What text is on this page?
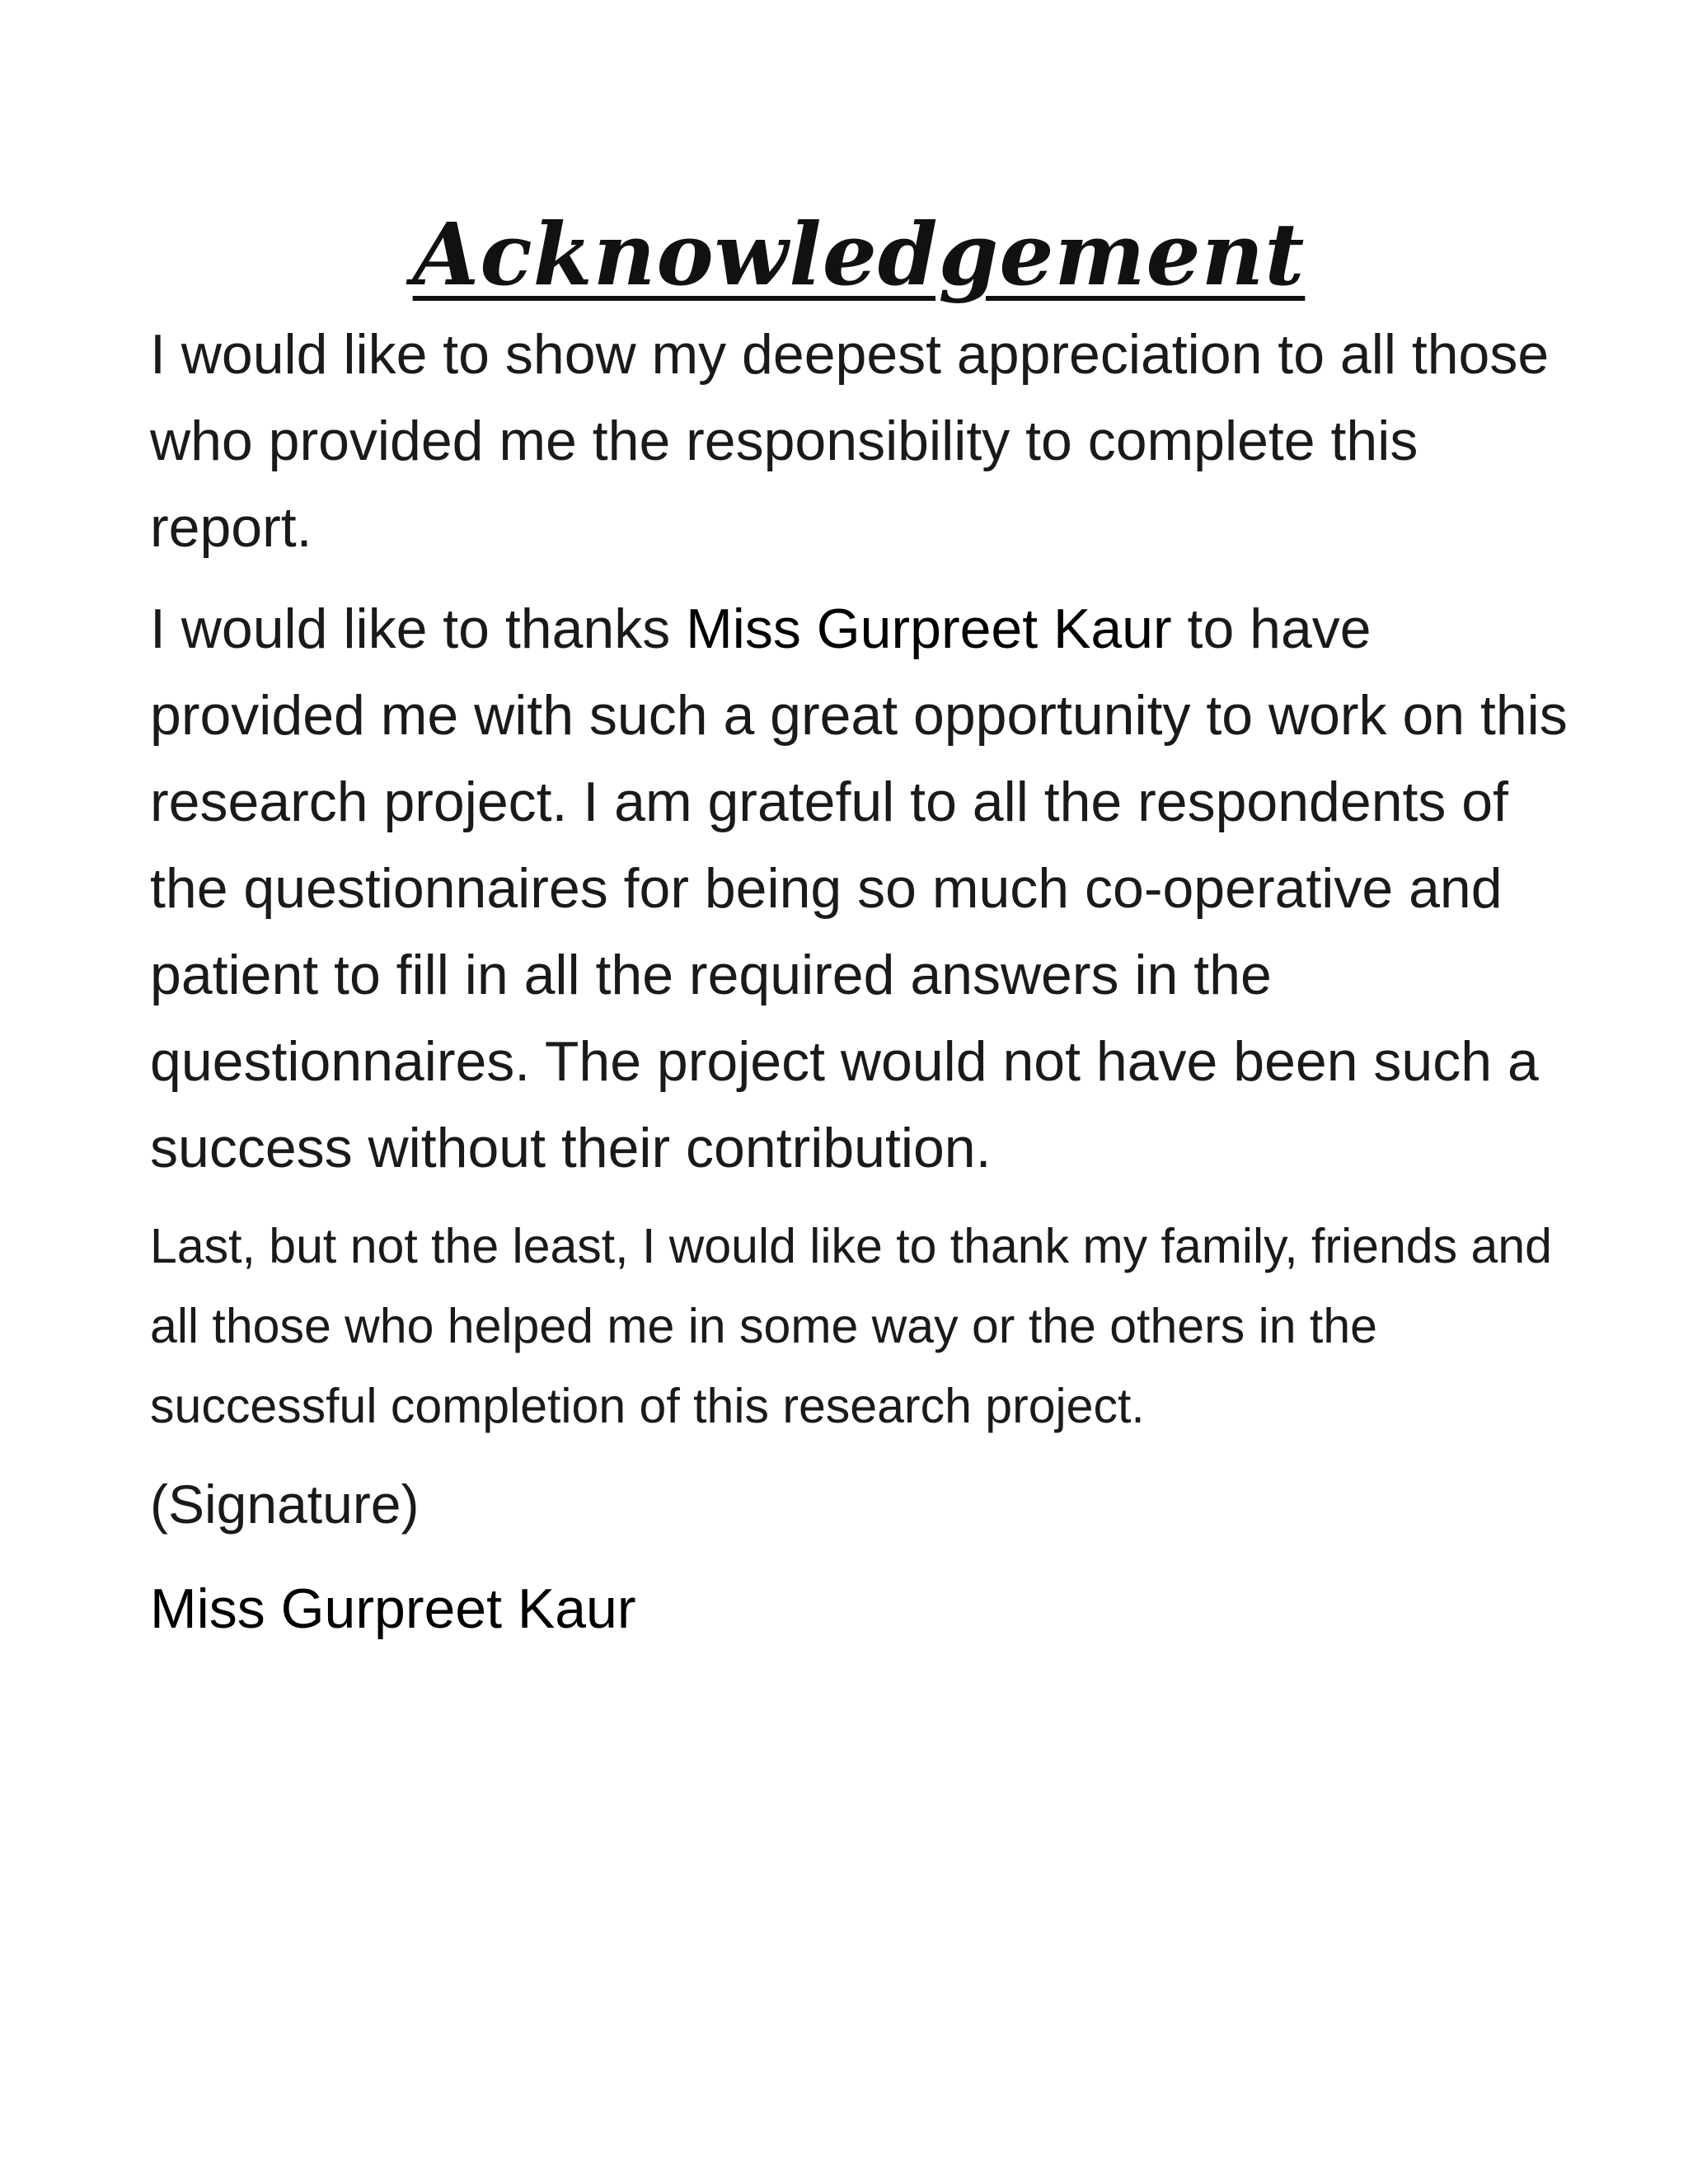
Acknowledgement

I would like to show my deepest appreciation to all those who provided me the responsibility to complete this report.

I would like to thanks Miss Gurpreet Kaur to have provided me with such a great opportunity to work on this research project. I am grateful to all the respondents of the questionnaires for being so much co-operative and patient to fill in all the required answers in the questionnaires. The project would not have been such a success without their contribution.

Last, but not the least, I would like to thank my family, friends and all those who helped me in some way or the others in the successful completion of this research project.

(Signature)

Miss Gurpreet Kaur
